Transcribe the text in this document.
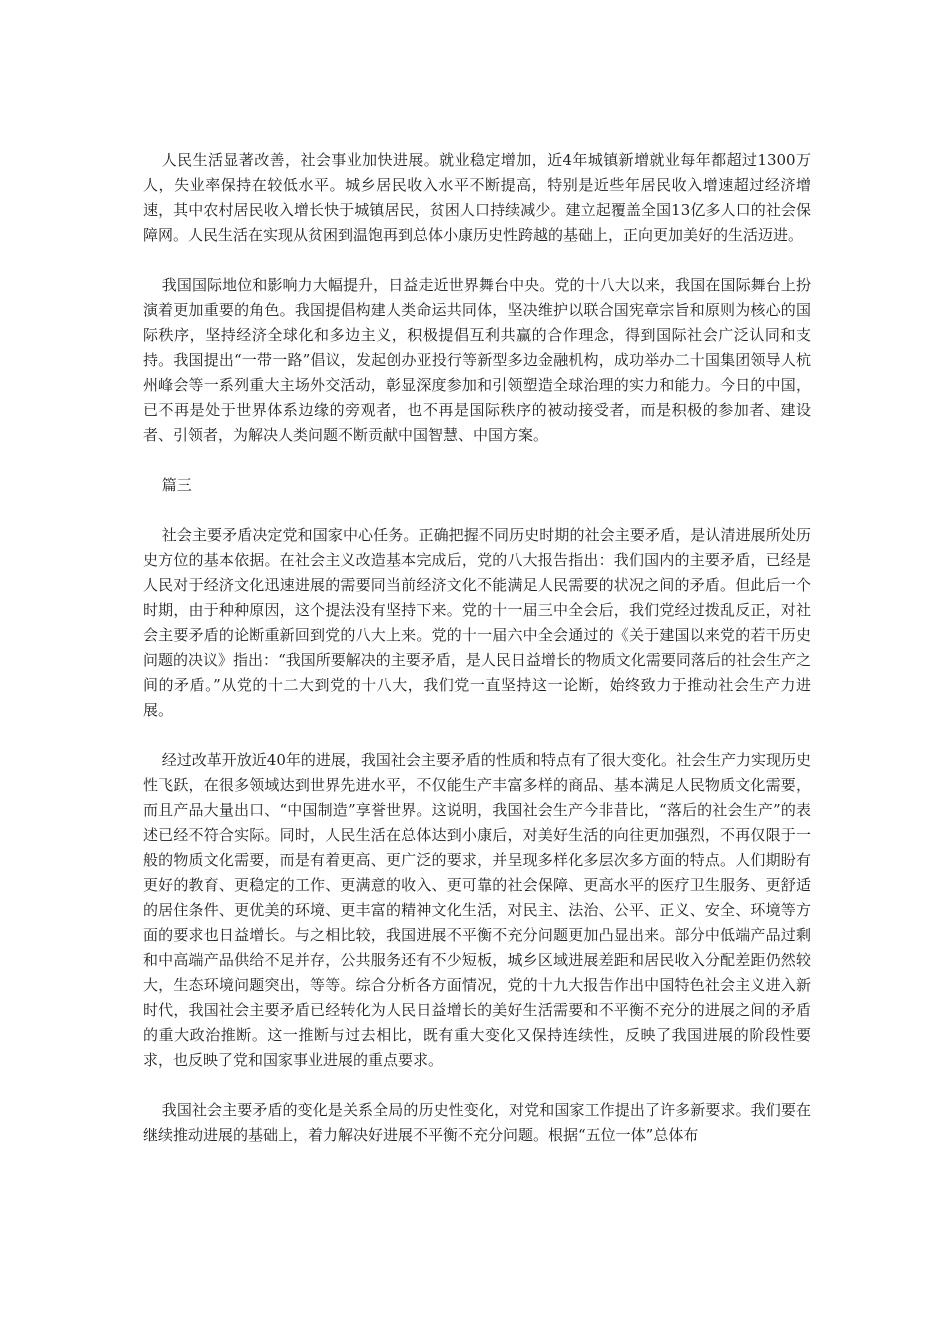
人民生活显著改善，社会事业加快进展。就业稳定增加，近4年城镇新增就业每年都超过1300万人，失业率保持在较低水平。城乡居民收入水平不断提高，特别是近些年居民收入增速超过经济增速，其中农村居民收入增长快于城镇居民，贫困人口持续减少。建立起覆盖全国13亿多人口的社会保障网。人民生活在实现从贫困到温饱再到总体小康历史性跨越的基础上，正向更加美好的生活迈进。

我国国际地位和影响力大幅提升，日益走近世界舞台中央。党的十八大以来，我国在国际舞台上扮演着更加重要的角色。我国提倡构建人类命运共同体，坚决维护以联合国宪章宗旨和原则为核心的国际秩序，坚持经济全球化和多边主义，积极提倡互利共赢的合作理念，得到国际社会广泛认同和支持。我国提出“一带一路”倡议，发起创办亚投行等新型多边金融机构，成功举办二十国集团领导人杭州峰会等一系列重大主场外交活动，彰显深度参加和引领塑造全球治理的实力和能力。今日的中国，已不再是处于世界体系边缘的旁观者，也不再是国际秩序的被动接受者，而是积极的参加者、建设者、引领者，为解决人类问题不断贡献中国智慧、中国方案。

篇三

社会主要矛盾决定党和国家中心任务。正确把握不同历史时期的社会主要矛盾，是认清进展所处历史方位的基本依据。在社会主义改造基本完成后，党的八大报告指出：我们国内的主要矛盾，已经是人民对于经济文化迅速进展的需要同当前经济文化不能满足人民需要的状况之间的矛盾。但此后一个时期，由于种种原因，这个提法没有坚持下来。党的十一届三中全会后，我们党经过拨乱反正，对社会主要矛盾的论断重新回到党的八大上来。党的十一届六中全会通过的《关于建国以来党的若干历史问题的决议》指出：“我国所要解决的主要矛盾，是人民日益增长的物质文化需要同落后的社会生产之间的矛盾。”从党的十二大到党的十八大，我们党一直坚持这一论断，始终致力于推动社会生产力进展。

经过改革开放近40年的进展，我国社会主要矛盾的性质和特点有了很大变化。社会生产力实现历史性飞跃，在很多领域达到世界先进水平，不仅能生产丰富多样的商品、基本满足人民物质文化需要，而且产品大量出口、“中国制造”享誉世界。这说明，我国社会生产今非昔比，“落后的社会生产”的表述已经不符合实际。同时，人民生活在总体达到小康后，对美好生活的向往更加强烈，不再仅限于一般的物质文化需要，而是有着更高、更广泛的要求，并呈现多样化多层次多方面的特点。人们期盼有更好的教育、更稳定的工作、更满意的收入、更可靠的社会保障、更高水平的医疗卫生服务、更舒适的居住条件、更优美的环境、更丰富的精神文化生活，对民主、法治、公平、正义、安全、环境等方面的要求也日益增长。与之相比较，我国进展不平衡不充分问题更加凸显出来。部分中低端产品过剩和中高端产品供给不足并存，公共服务还有不少短板，城乡区域进展差距和居民收入分配差距仍然较大，生态环境问题突出，等等。综合分析各方面情况，党的十九大报告作出中国特色社会主义进入新时代，我国社会主要矛盾已经转化为人民日益增长的美好生活需要和不平衡不充分的进展之间的矛盾的重大政治推断。这一推断与过去相比，既有重大变化又保持连续性，反映了我国进展的阶段性要求，也反映了党和国家事业进展的重点要求。

我国社会主要矛盾的变化是关系全局的历史性变化，对党和国家工作提出了许多新要求。我们要在继续推动进展的基础上，着力解决好进展不平衡不充分问题。根据“五位一体”总体布
